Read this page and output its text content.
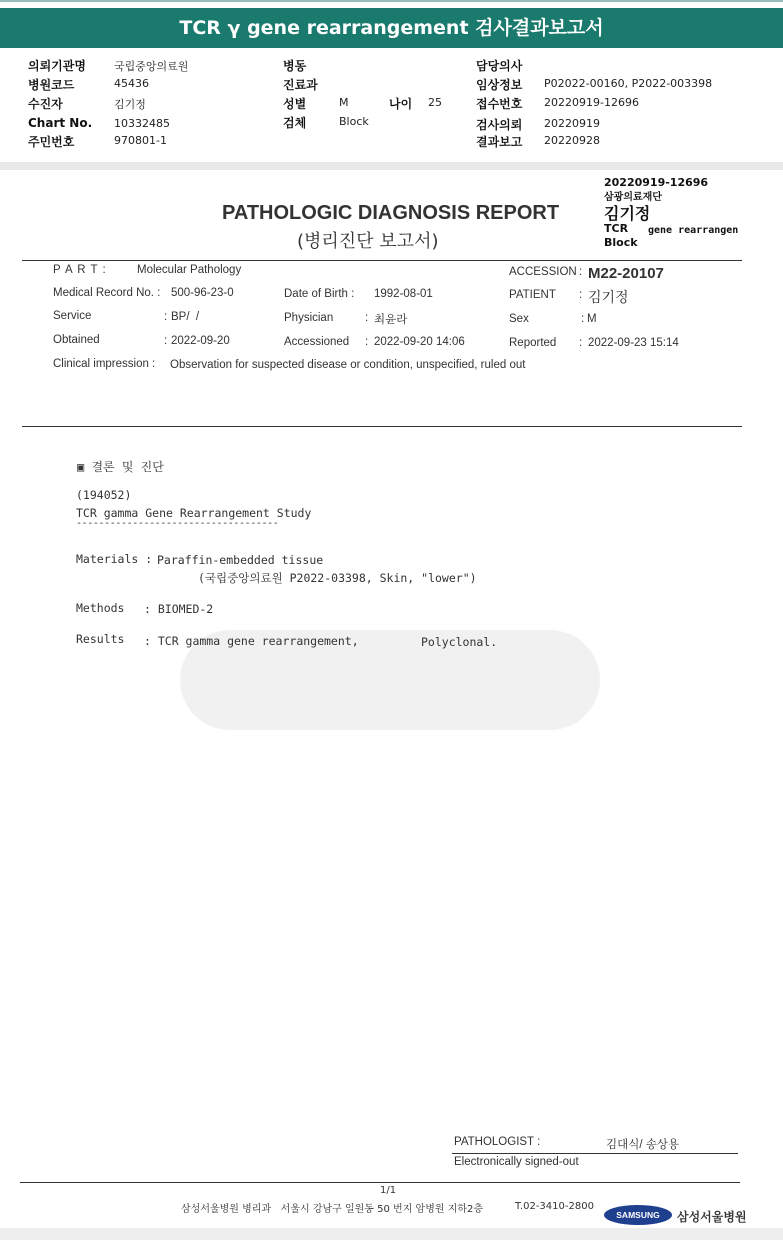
TCR γ gene rearrangement 검사결과보고서
의뢰기관명	국립중앙의료원
병원코드	45436
수진자	김기정
Chart No. 10332485
주민번호	970801-1
병동
진료과
성별	M	나이 25
검체	Block
담당의사
임상정보 P02022-00160, P2022-003398
접수번호 20220919-12696
검사의뢰 20220919
결과보고 20220928
20220919-12696
삼광의료재단
김기정
TCR gene rearrangen
Block
PATHOLOGIC DIAGNOSIS REPORT
(병리진단 보고서)
P A R T :	Molecular Pathology	ACCESSION : M22-20107
Medical Record No. : 500-96-23-0	Date of Birth : 1992-08-01	PATIENT : 김기정
Service	: BP/  /	Physician	: 최윤라	Sex	: M
Obtained	: 2022-09-20	Accessioned : 2022-09-20 14:06	Reported : 2022-09-23 15:14
Clinical impression : Observation for suspected disease or condition, unspecified, ruled out
▣ 결론 및 진단
(194052)
TCR gamma Gene Rearrangement Study
------------------------------------
Materials : Paraffin-embedded tissue
(국립중앙의료원 P2022-03398, Skin, "lower")
Methods : BIOMED-2
Results : TCR gamma gene rearrangement,	Polyclonal.
PATHOLOGIST :	김대식/ 송상용
Electronically signed-out
1/1
삼성서울병원 병리과   서울시 강남구 일원동 50 번지 암병원 지하2층	T.02-3410-2800
SAMSUNG	삼성서울병원
